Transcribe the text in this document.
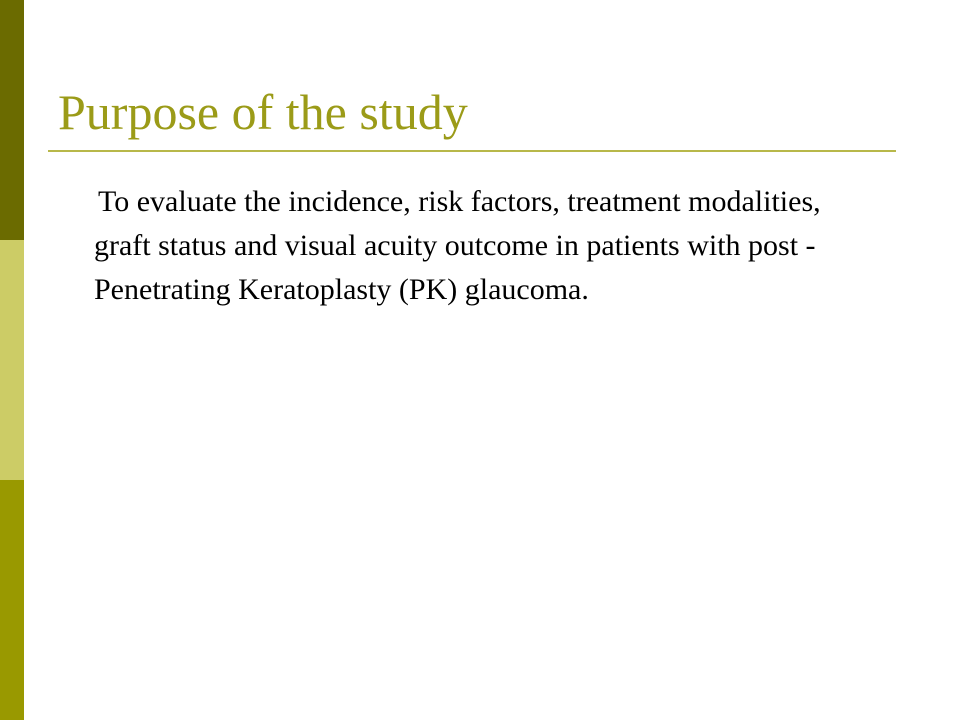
Purpose of the study
To evaluate the incidence, risk factors, treatment modalities, graft status and visual acuity outcome in patients with post - Penetrating Keratoplasty (PK) glaucoma.
